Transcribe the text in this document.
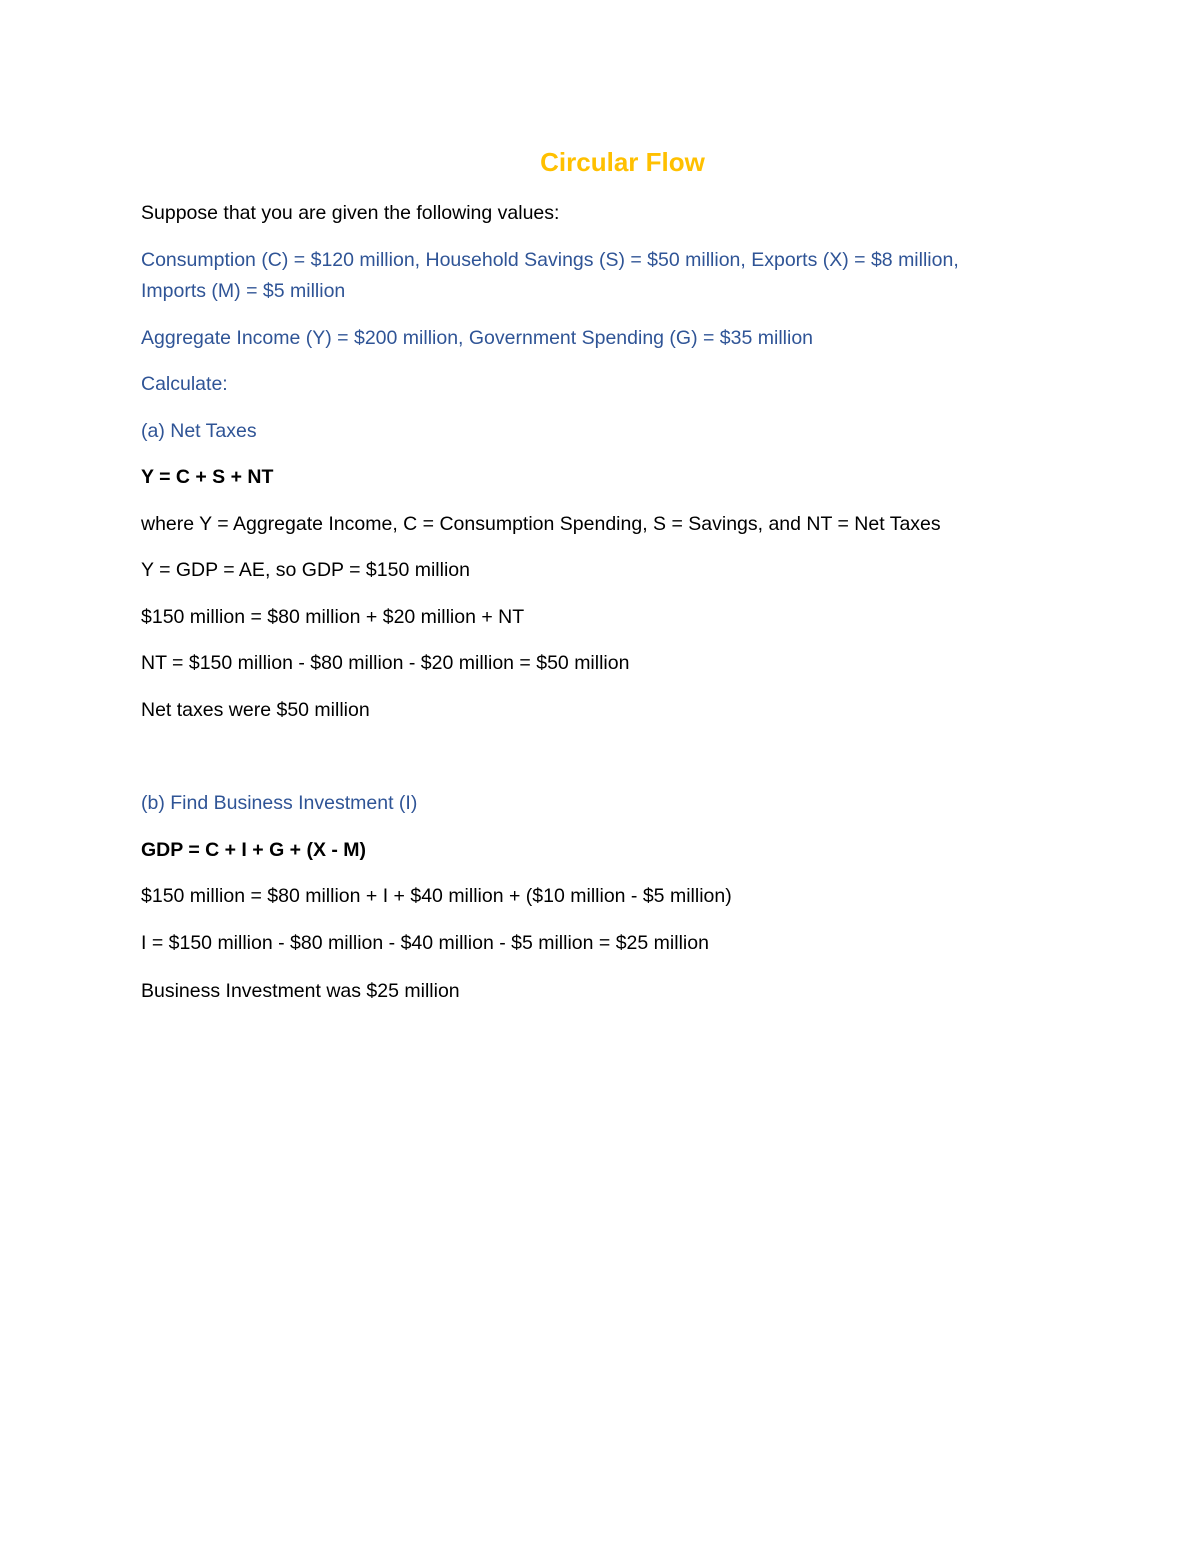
Circular Flow
Suppose that you are given the following values:
Consumption (C) = $120 million, Household Savings (S) = $50 million, Exports (X) = $8 million,
Imports (M) = $5 million
Aggregate Income (Y) = $200 million, Government Spending (G) = $35 million
Calculate:
(a) Net Taxes
Y = C + S + NT
where Y = Aggregate Income, C = Consumption Spending, S = Savings, and NT = Net Taxes
Y = GDP = AE, so GDP = $150 million
$150 million = $80 million + $20 million + NT
NT = $150 million - $80 million - $20 million = $50 million
Net taxes were $50 million
(b) Find Business Investment (I)
GDP = C + I + G + (X - M)
$150 million = $80 million + I + $40 million + ($10 million - $5 million)
I = $150 million - $80 million - $40 million - $5 million = $25 million
Business Investment was $25 million
